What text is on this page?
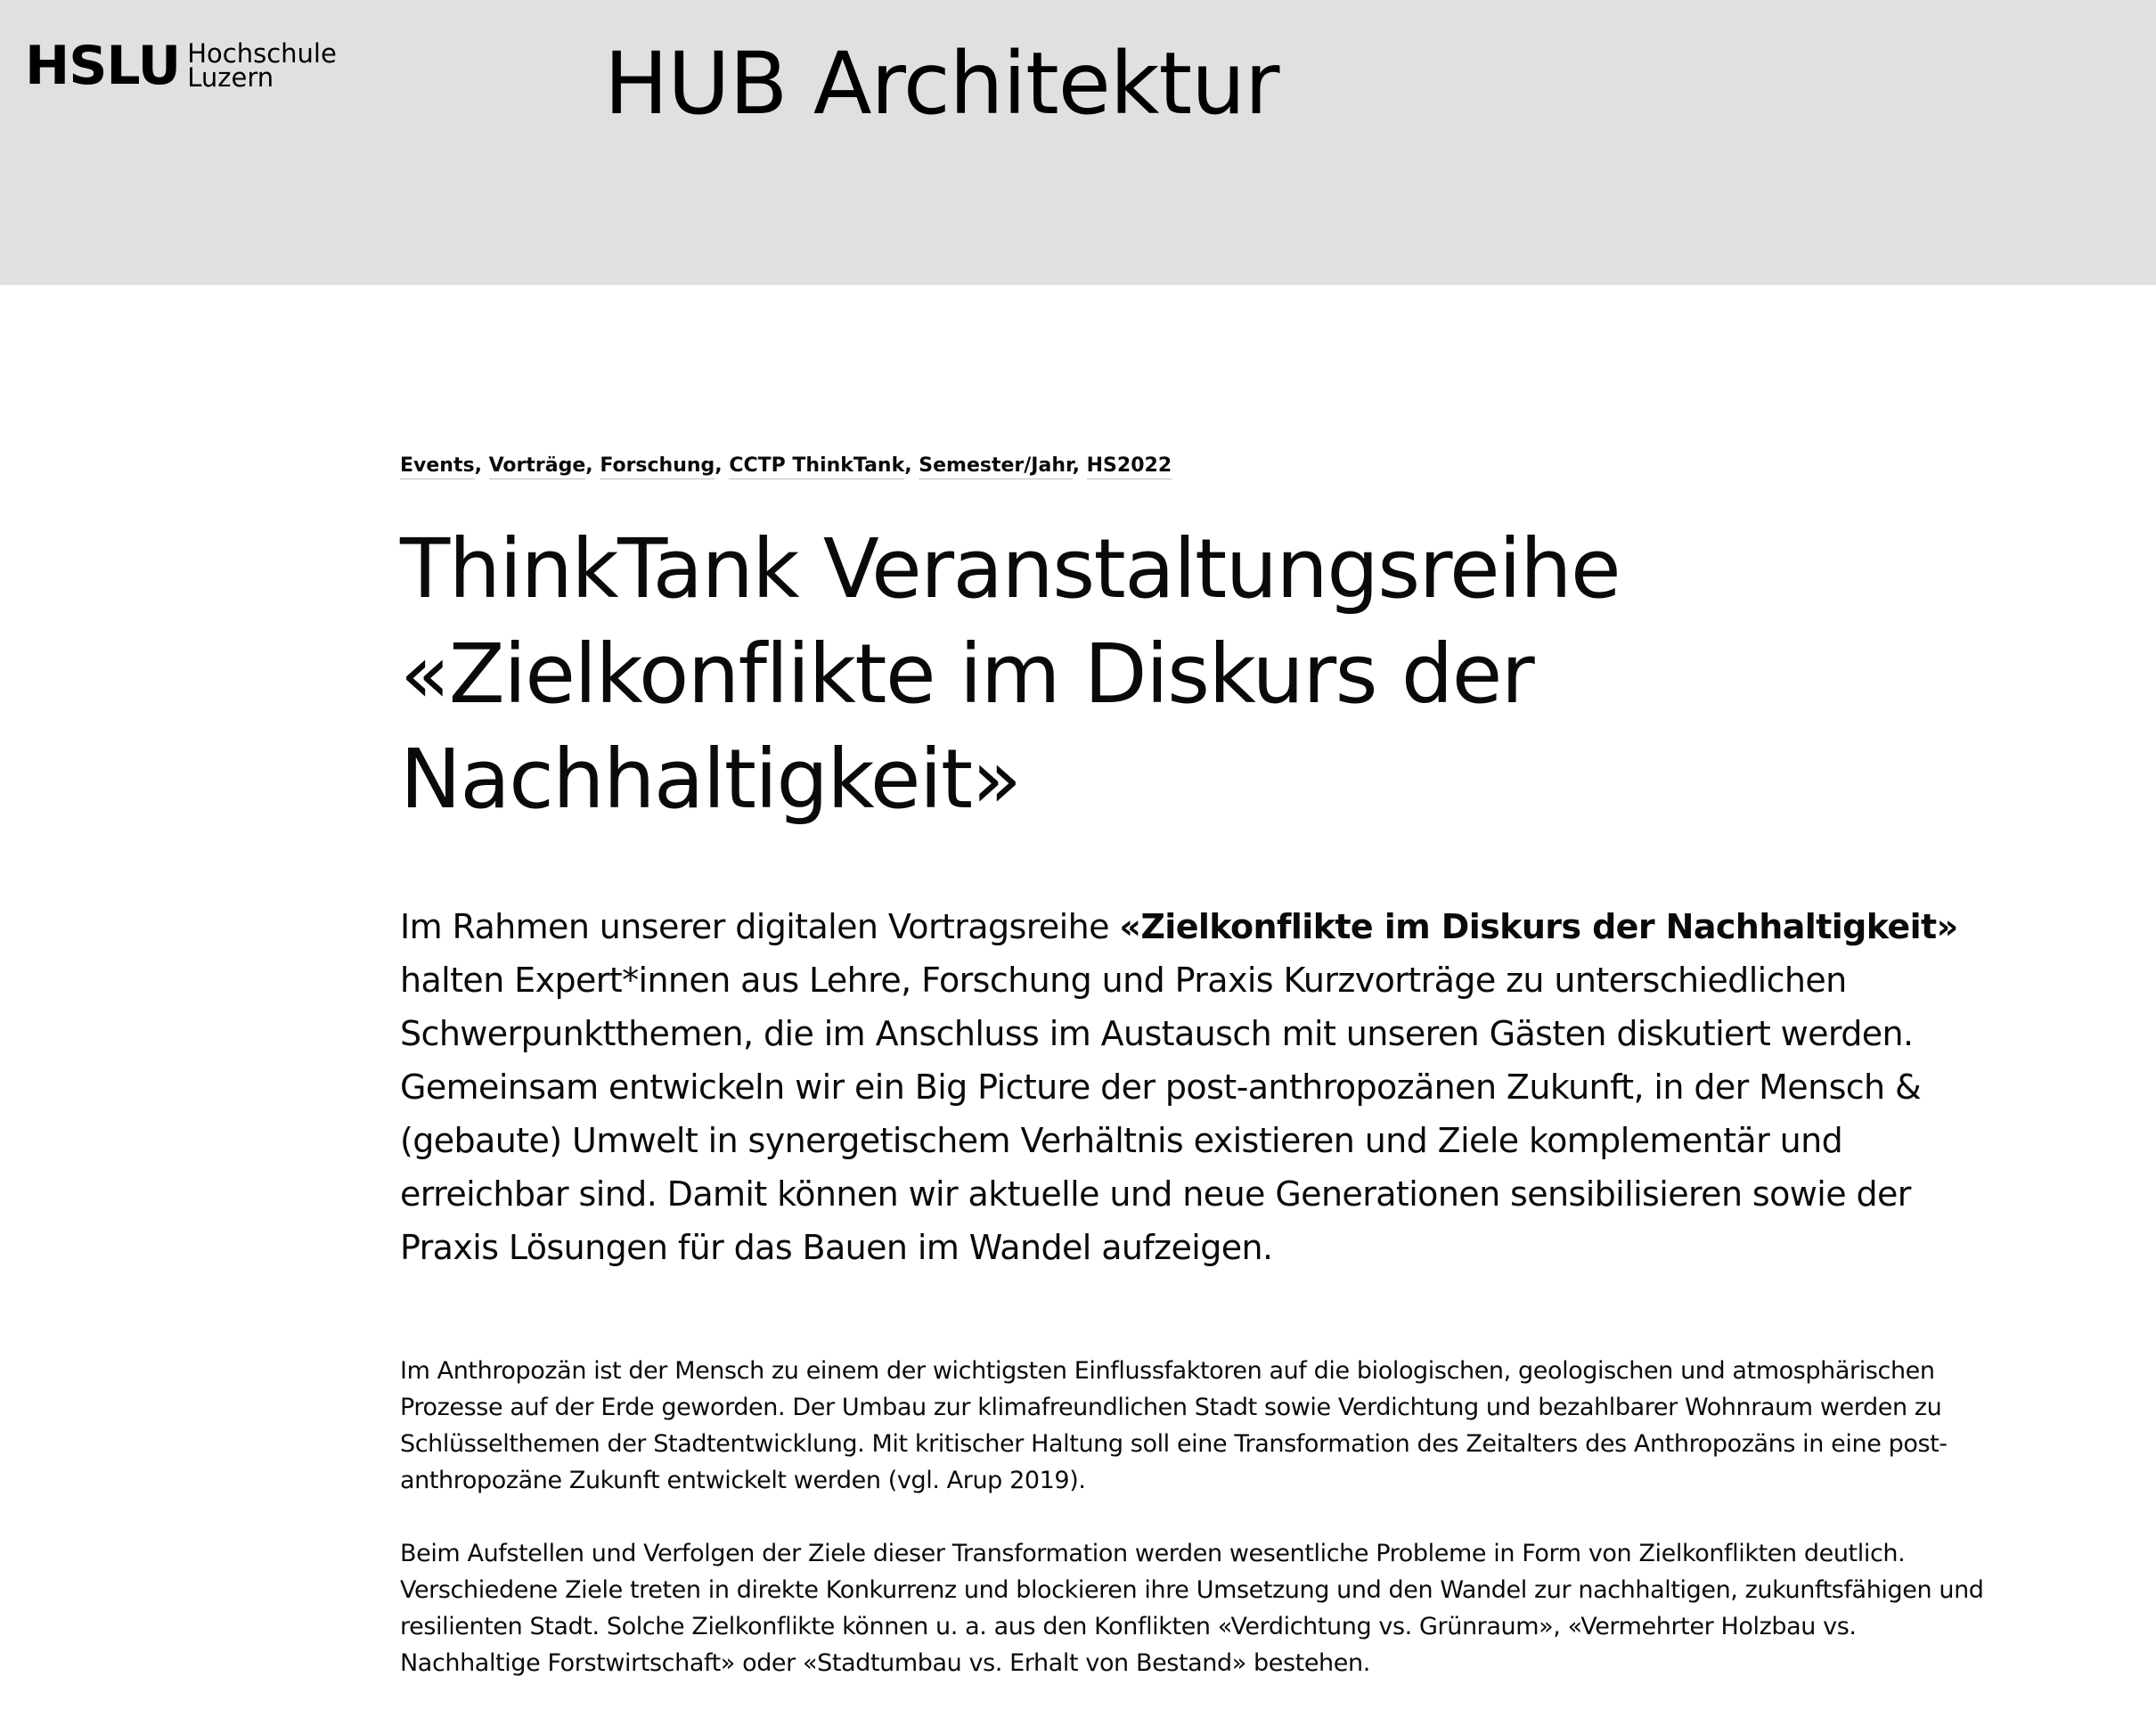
HSLU Hochschule
Luzern	HUB Architektur
Events, Vorträge, Forschung, CCTP ThinkTank, Semester/Jahr, HS2022
ThinkTank Veranstaltungsreihe
«Zielkonflikte im Diskurs der
Nachhaltigkeit»

Im Rahmen unserer digitalen Vortragsreihe «Zielkonflikte im Diskurs der Nachhaltigkeit» halten Expert*innen aus Lehre, Forschung und Praxis Kurzvorträge zu unterschiedlichen Schwerpunktthemen, die im Anschluss im Austausch mit unseren Gästen diskutiert werden. Gemeinsam entwickeln wir ein Big Picture der post-anthropozänen Zukunft, in der Mensch & (gebaute) Umwelt in synergetischem Verhältnis existieren und Ziele komplementär und erreichbar sind. Damit können wir aktuelle und neue Generationen sensibilisieren sowie der Praxis Lösungen für das Bauen im Wandel aufzeigen.

Im Anthropozän ist der Mensch zu einem der wichtigsten Einflussfaktoren auf die biologischen, geologischen und atmosphärischen Prozesse auf der Erde geworden. Der Umbau zur klimafreundlichen Stadt sowie Verdichtung und bezahlbarer Wohnraum werden zu Schlüsselthemen der Stadtentwicklung. Mit kritischer Haltung soll eine Transformation des Zeitalters des Anthropozäns in eine post-anthropozäne Zukunft entwickelt werden (vgl. Arup 2019).

Beim Aufstellen und Verfolgen der Ziele dieser Transformation werden wesentliche Probleme in Form von Zielkonflikten deutlich. Verschiedene Ziele treten in direkte Konkurrenz und blockieren ihre Umsetzung und den Wandel zur nachhaltigen, zukunftsfähigen und resilienten Stadt. Solche Zielkonflikte können u. a. aus den Konflikten «Verdichtung vs. Grünraum», «Vermehrter Holzbau vs. Nachhaltige Forstwirtschaft» oder «Stadtumbau vs. Erhalt von Bestand» bestehen.
